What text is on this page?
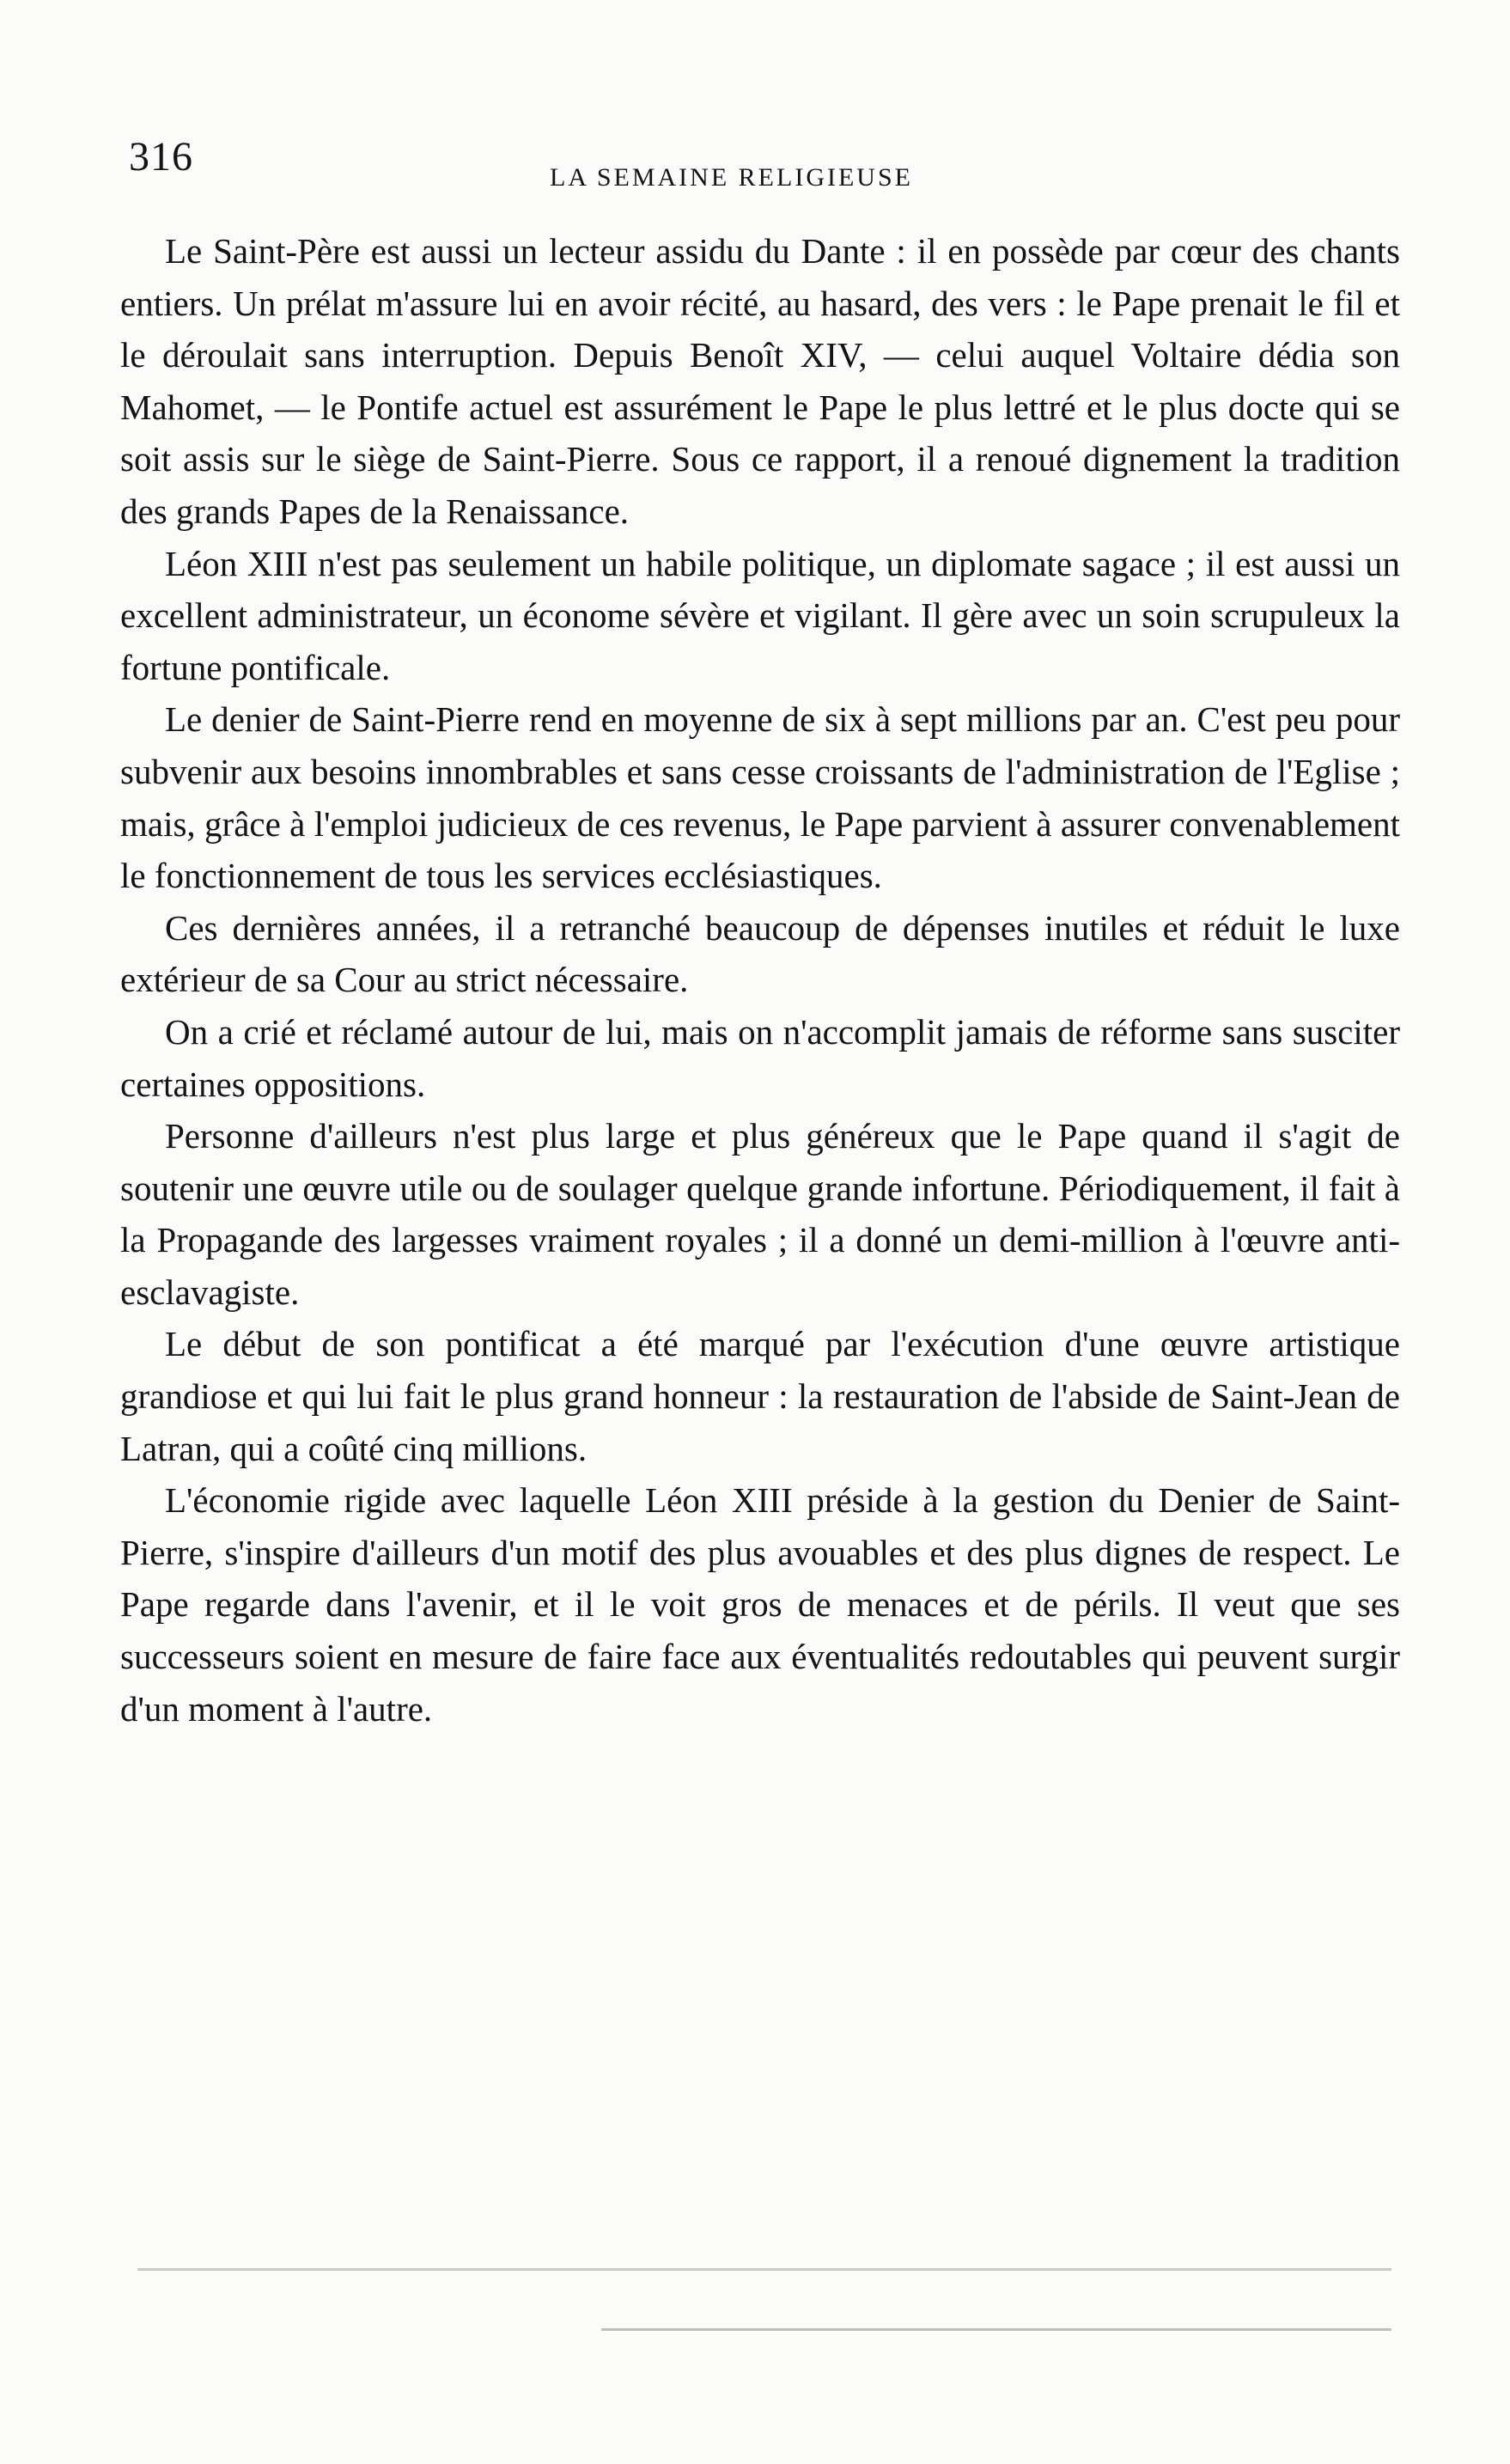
316	LA SEMAINE RELIGIEUSE

Le Saint-Père est aussi un lecteur assidu du Dante : il en possède par cœur des chants entiers. Un prélat m'assure lui en avoir récité, au hasard, des vers : le Pape prenait le fil et le déroulait sans interruption. Depuis Benoît XIV, — celui auquel Voltaire dédia son Mahomet, — le Pontife actuel est assurément le Pape le plus lettré et le plus docte qui se soit assis sur le siège de Saint-Pierre. Sous ce rapport, il a renoué dignement la tradition des grands Papes de la Renaissance.

Léon XIII n'est pas seulement un habile politique, un diplomate sagace ; il est aussi un excellent administrateur, un économe sévère et vigilant. Il gère avec un soin scrupuleux la fortune pontificale.

Le denier de Saint-Pierre rend en moyenne de six à sept millions par an. C'est peu pour subvenir aux besoins innombrables et sans cesse croissants de l'administration de l'Eglise ; mais, grâce à l'emploi judicieux de ces revenus, le Pape parvient à assurer convenablement le fonctionnement de tous les services ecclésiastiques.

Ces dernières années, il a retranché beaucoup de dépenses inutiles et réduit le luxe extérieur de sa Cour au strict nécessaire.

On a crié et réclamé autour de lui, mais on n'accomplit jamais de réforme sans susciter certaines oppositions.

Personne d'ailleurs n'est plus large et plus généreux que le Pape quand il s'agit de soutenir une œuvre utile ou de soulager quelque grande infortune. Périodiquement, il fait à la Propagande des largesses vraiment royales ; il a donné un demi-million à l'œuvre anti-esclavagiste.

Le début de son pontificat a été marqué par l'exécution d'une œuvre artistique grandiose et qui lui fait le plus grand honneur : la restauration de l'abside de Saint-Jean de Latran, qui a coûté cinq millions.

L'économie rigide avec laquelle Léon XIII préside à la gestion du Denier de Saint-Pierre, s'inspire d'ailleurs d'un motif des plus avouables et des plus dignes de respect. Le Pape regarde dans l'avenir, et il le voit gros de menaces et de périls. Il veut que ses successeurs soient en mesure de faire face aux éventualités redoutables qui peuvent surgir d'un moment à l'autre.
